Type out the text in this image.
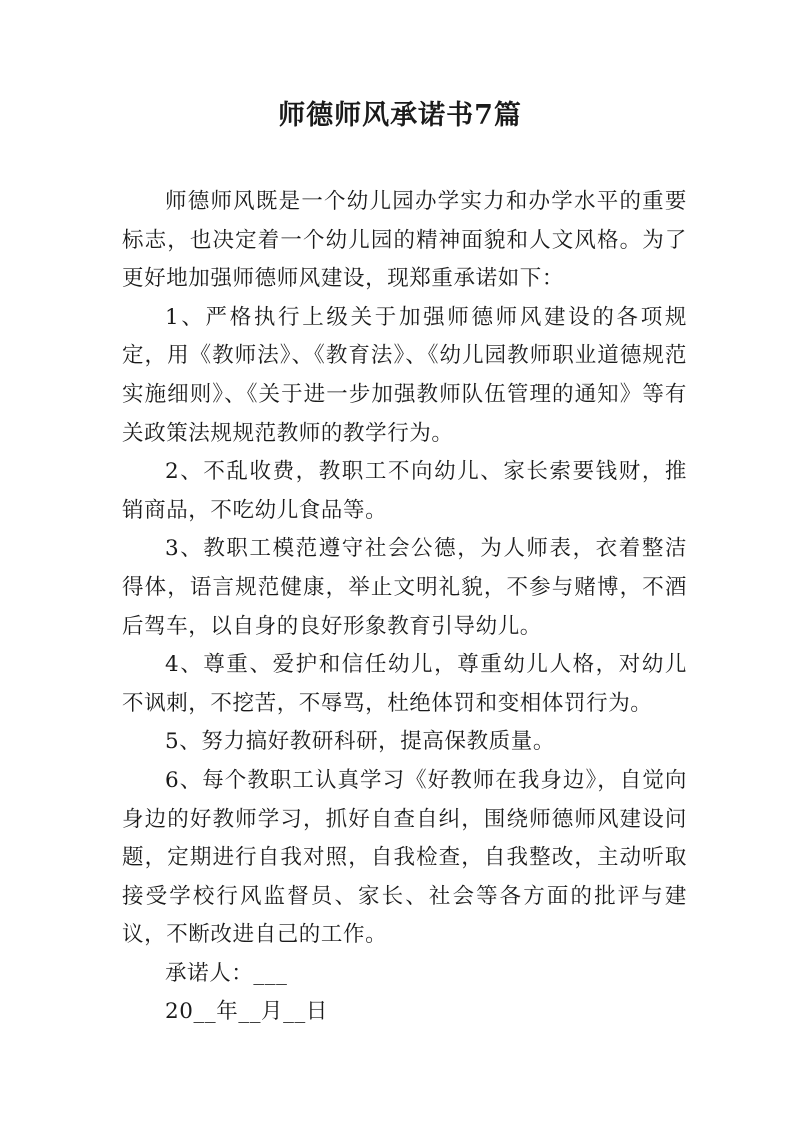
师德师风承诺书7篇

师德师风既是一个幼儿园办学实力和办学水平的重要标志，也决定着一个幼儿园的精神面貌和人文风格。为了更好地加强师德师风建设，现郑重承诺如下：

1、严格执行上级关于加强师德师风建设的各项规定，用《教师法》、《教育法》、《幼儿园教师职业道德规范实施细则》、《关于进一步加强教师队伍管理的通知》等有关政策法规规范教师的教学行为。

2、不乱收费，教职工不向幼儿、家长索要钱财，推销商品，不吃幼儿食品等。

3、教职工模范遵守社会公德，为人师表，衣着整洁得体，语言规范健康，举止文明礼貌，不参与赌博，不酒后驾车，以自身的良好形象教育引导幼儿。

4、尊重、爱护和信任幼儿，尊重幼儿人格，对幼儿不讽刺，不挖苦，不辱骂，杜绝体罚和变相体罚行为。

5、努力搞好教研科研，提高保教质量。

6、每个教职工认真学习《好教师在我身边》，自觉向身边的好教师学习，抓好自查自纠，围绕师德师风建设问题，定期进行自我对照，自我检查，自我整改，主动听取接受学校行风监督员、家长、社会等各方面的批评与建议，不断改进自己的工作。

承诺人：___

20__年__月__日
